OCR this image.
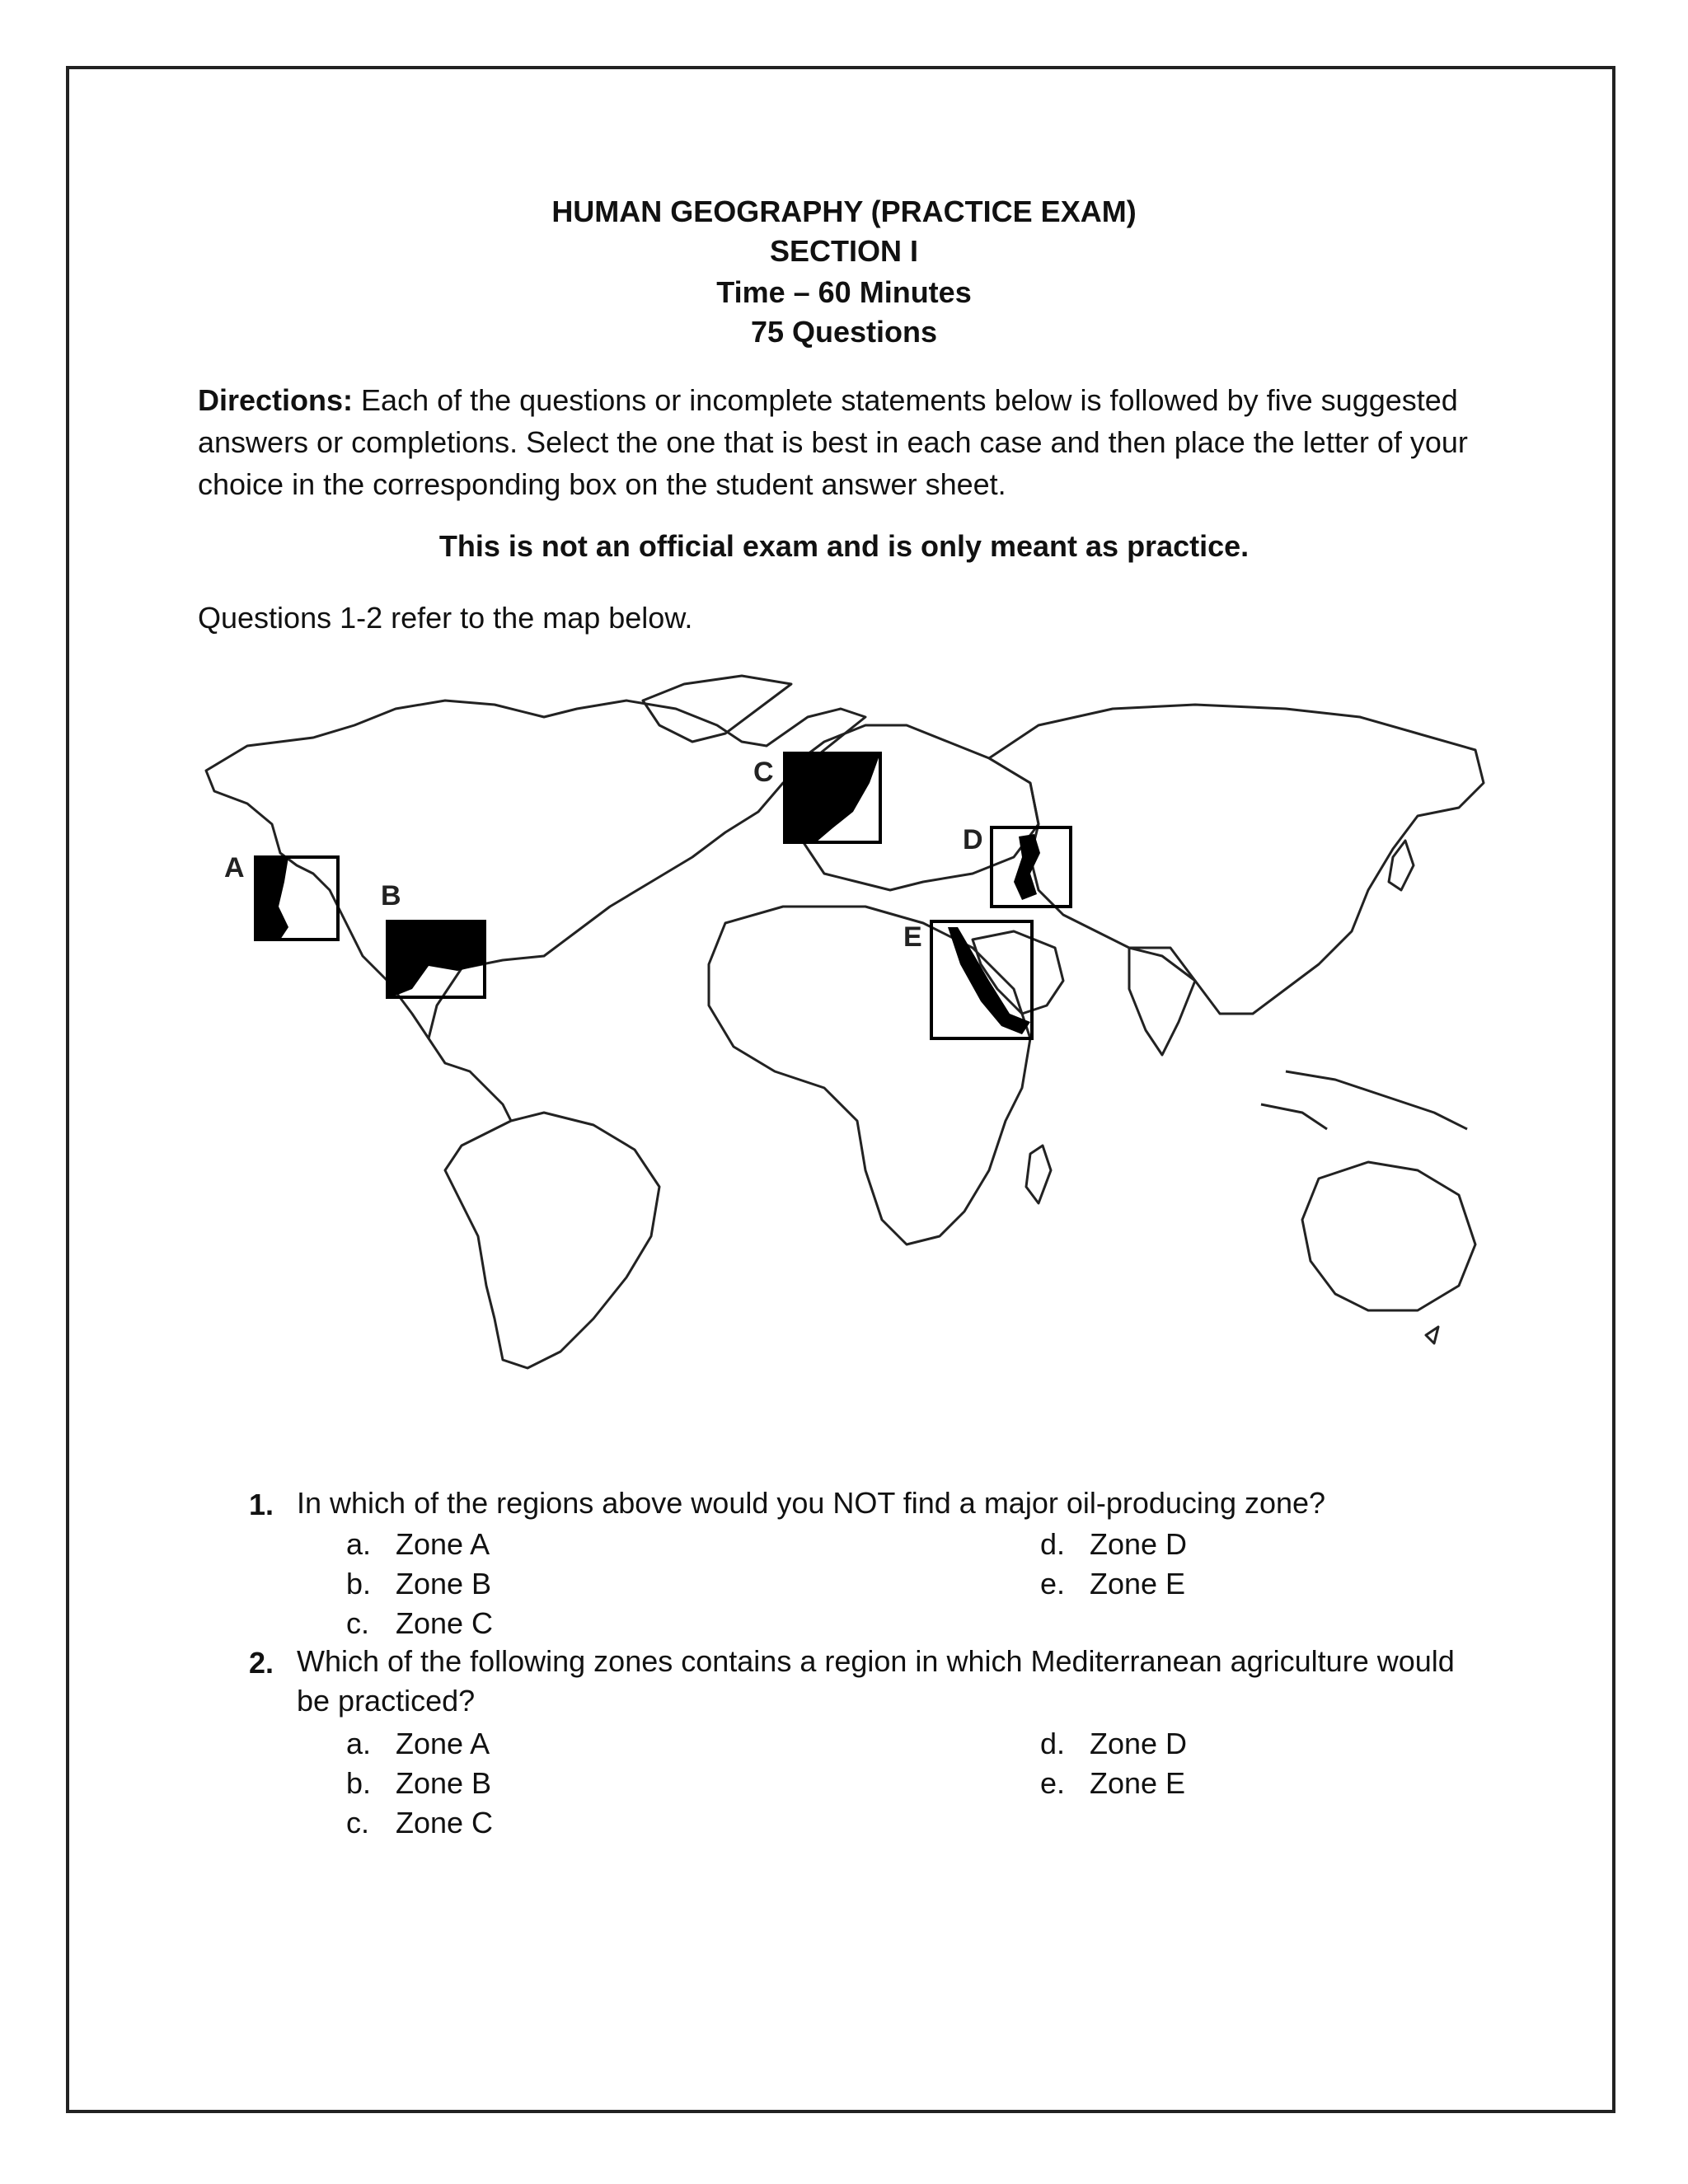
HUMAN GEOGRAPHY (PRACTICE EXAM)
SECTION I
Time – 60 Minutes
75 Questions
Directions: Each of the questions or incomplete statements below is followed by five suggested answers or completions. Select the one that is best in each case and then place the letter of your choice in the corresponding box on the student answer sheet.
This is not an official exam and is only meant as practice.
Questions 1-2 refer to the map below.
A
B
C
D
E
1. In which of the regions above would you NOT find a major oil-producing zone?
a. Zone A
b. Zone B
c. Zone C
d. Zone D
e. Zone E
2. Which of the following zones contains a region in which Mediterranean agriculture would
be practiced?
a. Zone A
b. Zone B
c. Zone C
d. Zone D
e. Zone E
